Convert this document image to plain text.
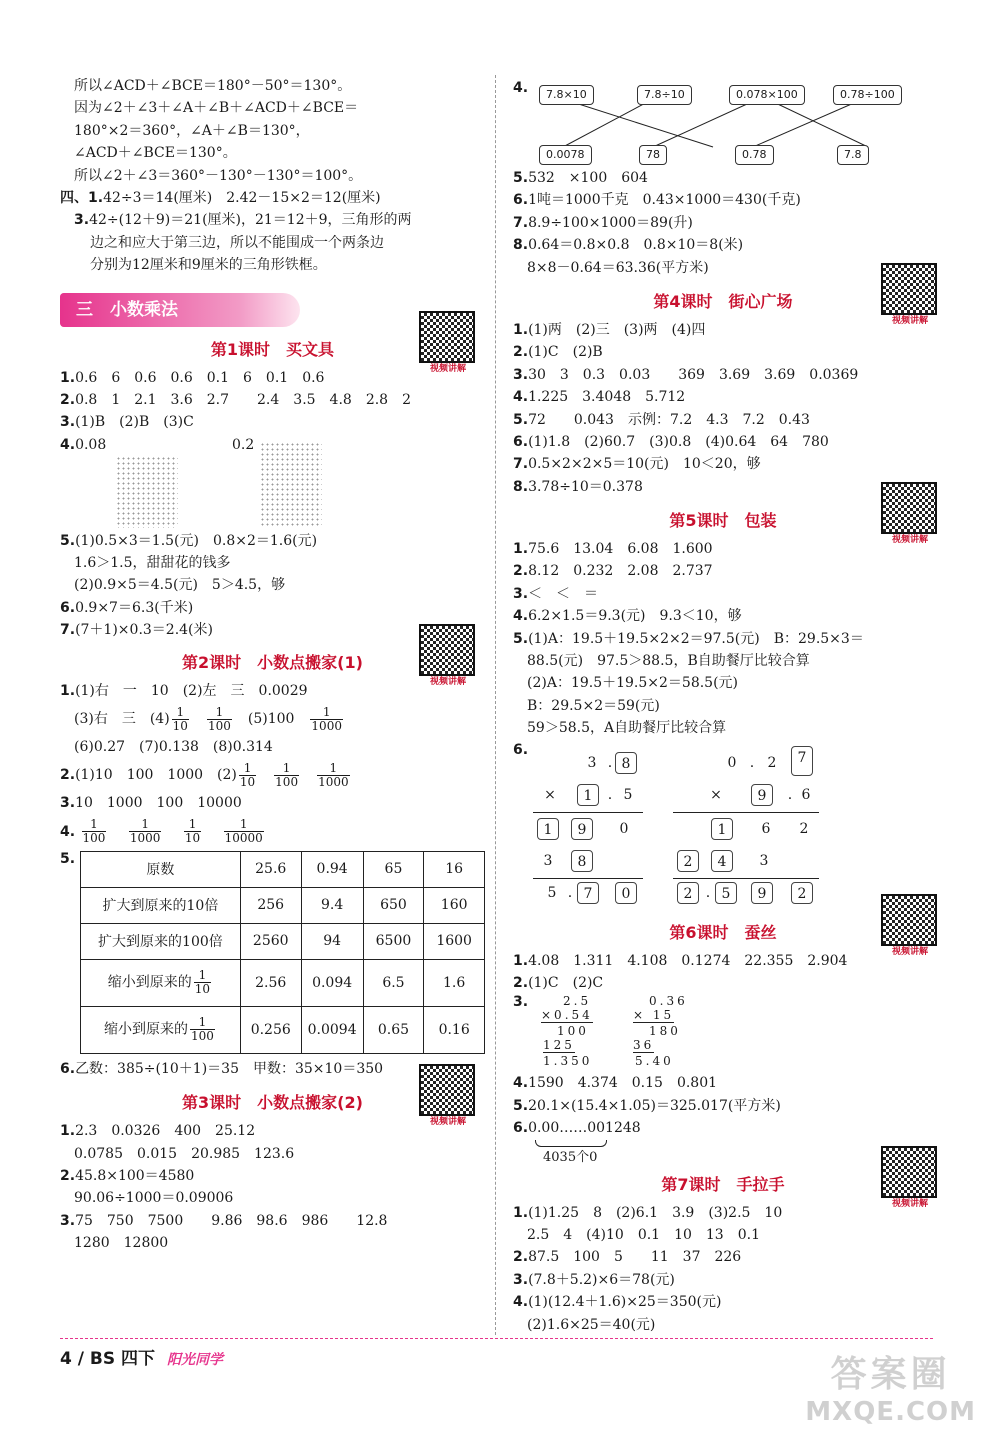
所以∠ACD＋∠BCE＝180°－50°＝130°。
因为∠2＋∠3＋∠A＋∠B＋∠ACD＋∠BCE＝
180°×2＝360°，∠A＋∠B＝130°，
∠ACD＋∠BCE＝130°。
所以∠2＋∠3＝360°－130°－130°＝100°。
四、1.42÷3＝14(厘米)　2.42－15×2＝12(厘米)
3.42÷(12＋9)＝21(厘米)，21＝12＋9，三角形的两
边之和应大于第三边，所以不能围成一个两条边
分别为12厘米和9厘米的三角形铁框。
三　小数乘法
第1课时　买文具
视频讲解
1.0.6　6　0.6　0.6　0.1　6　0.1　0.6
2.0.8　1　2.1　3.6　2.7　　2.4　3.5　4.8　2.8　2
3.(1)B　(2)B　(3)C
4.0.08	0.2
5.(1)0.5×3＝1.5(元)　0.8×2＝1.6(元)
1.6＞1.5，甜甜花的钱多
(2)0.9×5＝4.5(元)　5＞4.5，够
6.0.9×7＝6.3(千米)
7.(7＋1)×0.3＝2.4(米)
第2课时　小数点搬家(1)
视频讲解
1.(1)右　一　10　(2)左　三　0.0029
(3)右　三　$(4) \frac{1}{10}$
　 $\frac{1}{100}$
　 (5)100　 $\frac{1}{1000}$
(6)0.27　(7)0.138　(8)0.314
2.(1)10　100　1000　$(2) \frac{1}{10}$
　 $\frac{1}{100}$
　 $\frac{1}{1000}$
3.10　1000　100　10000
4. $\frac{1}{100}$
　 $\frac{1}{1000}$
　 $\frac{1}{10}$
　 $\frac{1}{10000}$
5.
原数	25.6	0.94	65	16
扩大到原来的10倍	256	9.4	650	160
扩大到原来的100倍	2560	94	6500	1600
缩小到原来的 $\frac{1}{10}$	2.56	0.094	6.5	1.6
缩小到原来的 $\frac{1}{100}$	0.256	0.0094	0.65	0.16
6.乙数：385÷(10＋1)＝35　甲数：35×10＝350
第3课时　小数点搬家(2)
视频讲解
1.2.3　0.0326　400　25.12
0.0785　0.015　20.985　123.6
2.45.8×100＝4580
90.06÷1000＝0.09006
3.75　750　7500　　9.86　98.6　986　　12.8
1280　12800
4.	7.8×10	7.8÷10	0.078×100	0.78÷100
0.0078	78	0.78	7.8
5.532　×100　604
6.1吨＝1000千克　0.43×1000＝430(千克)
7.8.9÷100×1000＝89(升)
8.0.64＝0.8×0.8　0.8×10＝8(米)
8×8－0.64＝63.36(平方米)
第4课时　街心广场
视频讲解
1.(1)两　(2)三　(3)两　(4)四
2.(1)C　(2)B
3.30　3　0.3　0.03　　369　3.69　3.69　0.0369
4.1.225　3.4048　5.712
5.72　　0.043　示例：7.2　4.3　7.2　0.43
6.(1)1.8　(2)60.7　(3)0.8　(4)0.64　64　780
7.0.5×2×2×5＝10(元)　10＜20，够
8.3.78÷10＝0.378
第5课时　包装
视频讲解
1.75.6　13.04　6.08　1.600
2.8.12　0.232　2.08　2.737
3.＜　＜　＝
4.6.2×1.5＝9.3(元)　9.3＜10，够
5.(1)A：19.5＋19.5×2×2＝97.5(元)　B：29.5×3＝
88.5(元)　97.5＞88.5，B自助餐厅比较合算
(2)A：19.5＋19.5×2＝58.5(元)
B：29.5×2＝59(元)
59＞58.5，A自助餐厅比较合算
6.
3 . 8
×	1	. 5
1	9	0
3	8
5 . 7	0
0 . 2	7
×	9	. 6
1	6	2
2	4	3
2 . 5	9	2
第6课时　蚕丝
视频讲解
1.4.08　1.311　4.108　0.1274　22.355　2.904
2.(1)C　(2)C
3.	2.5
×0.54
100
125
1.350
0.36
× 15
180
36
5.40
4.1590　4.374　0.15　0.801
5.20.1×(15.4×1.05)＝325.017(平方米)
6.0.00……001248
4035个0
第7课时　手拉手
视频讲解
1.(1)1.25　8　(2)6.1　3.9　(3)2.5　10
2.5　4　(4)10　0.1　10　13　0.1
2.87.5　100　5　　11　37　226
3.(7.8＋5.2)×6＝78(元)
4.(1)(12.4＋1.6)×25＝350(元)
(2)1.6×25＝40(元)
4 / BS 四下 阳光同学	答案圈
MXQE.COM
